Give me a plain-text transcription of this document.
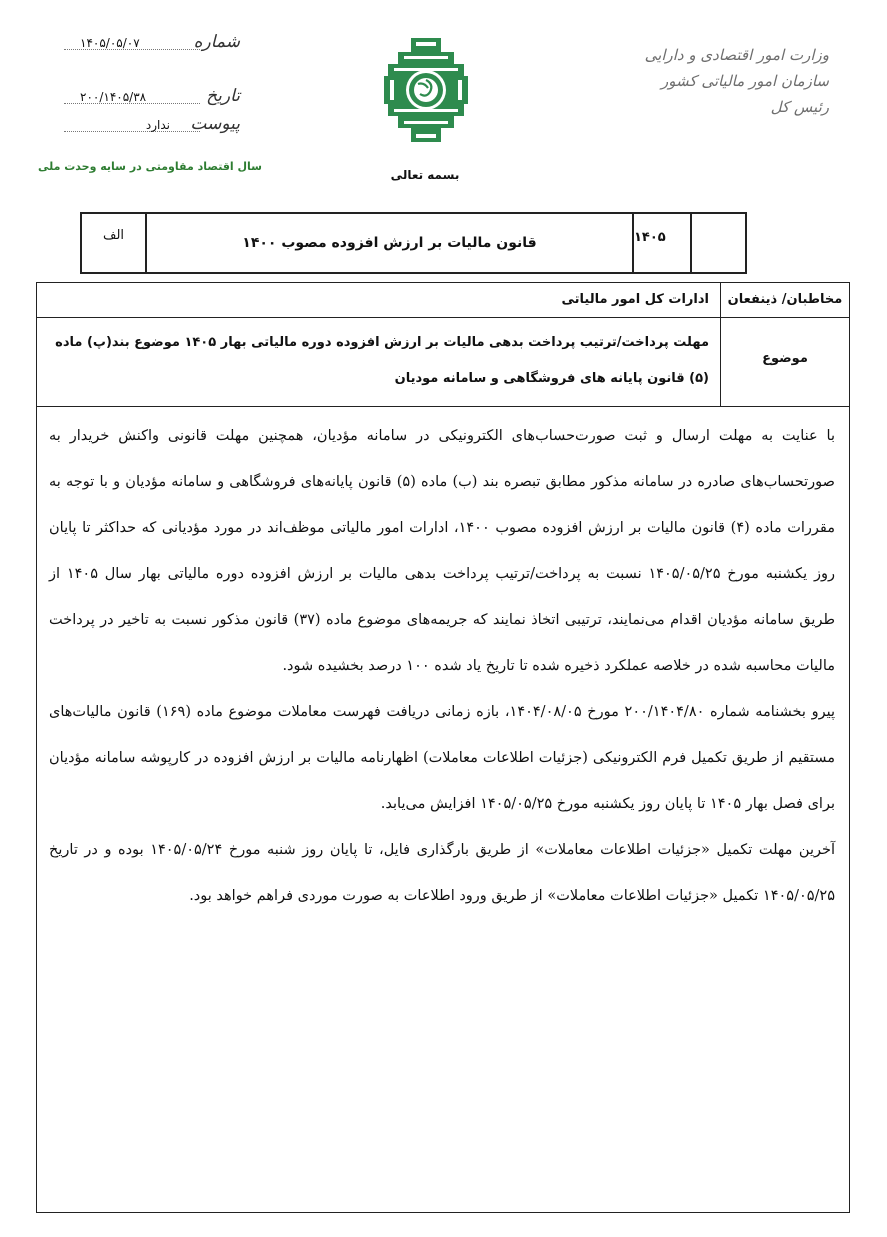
وزارت امور اقتصادی و دارایی
سازمان امور مالیاتی کشور
رئیس کل
بسمه تعالی
شماره
۱۴۰۵/۰۵/۰۷
تاریخ
۲۰۰/۱۴۰۵/۳۸
پیوست
ندارد
سال اقتصاد مقاومتی در سایه وحدت ملی
۱۴۰۵
قانون مالیات بر ارزش افزوده مصوب ۱۴۰۰
الف
مخاطبان/ ذینفعان
ادارات کل امور مالیاتی
موضوع
مهلت پرداخت/ترتیب پرداخت بدهی مالیات بر ارزش افزوده دوره مالیاتی بهار ۱۴۰۵ موضوع بند(پ) ماده (۵) قانون پایانه های فروشگاهی و سامانه مودیان

با عنایت به مهلت ارسال و ثبت صورت‌حساب‌های الکترونیکی در سامانه مؤدیان، همچنین مهلت قانونی واکنش خریدار به صورتحساب‌های صادره در سامانه مذکور مطابق تبصره بند (ب) ماده (۵) قانون پایانه‌های فروشگاهی و سامانه مؤدیان و با توجه به مقررات ماده (۴) قانون مالیات بر ارزش افزوده مصوب ۱۴۰۰، ادارات امور مالیاتی موظف‌اند در مورد مؤدیانی که حداکثر تا پایان روز یکشنبه مورخ ۱۴۰۵/۰۵/۲۵ نسبت به پرداخت/ترتیب پرداخت بدهی مالیات بر ارزش افزوده دوره مالیاتی بهار سال ۱۴۰۵ از طریق سامانه مؤدیان اقدام می‌نمایند، ترتیبی اتخاذ نمایند که جریمه‌های موضوع ماده (۳۷) قانون مذکور نسبت به تاخیر در پرداخت مالیات محاسبه شده در خلاصه عملکرد ذخیره شده تا تاریخ یاد شده ۱۰۰ درصد بخشیده شود.

پیرو بخشنامه شماره ۲۰۰/۱۴۰۴/۸۰ مورخ ۱۴۰۴/۰۸/۰۵، بازه زمانی دریافت فهرست معاملات موضوع ماده (۱۶۹) قانون مالیات‌های مستقیم از طریق تکمیل فرم الکترونیکی (جزئیات اطلاعات معاملات) اظهارنامه مالیات بر ارزش افزوده در کارپوشه سامانه مؤدیان برای فصل بهار ۱۴۰۵ تا پایان روز یکشنبه مورخ ۱۴۰۵/۰۵/۲۵ افزایش می‌یابد.

آخرین مهلت تکمیل «جزئیات اطلاعات معاملات» از طریق بارگذاری فایل، تا پایان روز شنبه مورخ ۱۴۰۵/۰۵/۲۴ بوده و در تاریخ ۱۴۰۵/۰۵/۲۵ تکمیل «جزئیات اطلاعات معاملات» از طریق ورود اطلاعات به صورت موردی فراهم خواهد بود.
